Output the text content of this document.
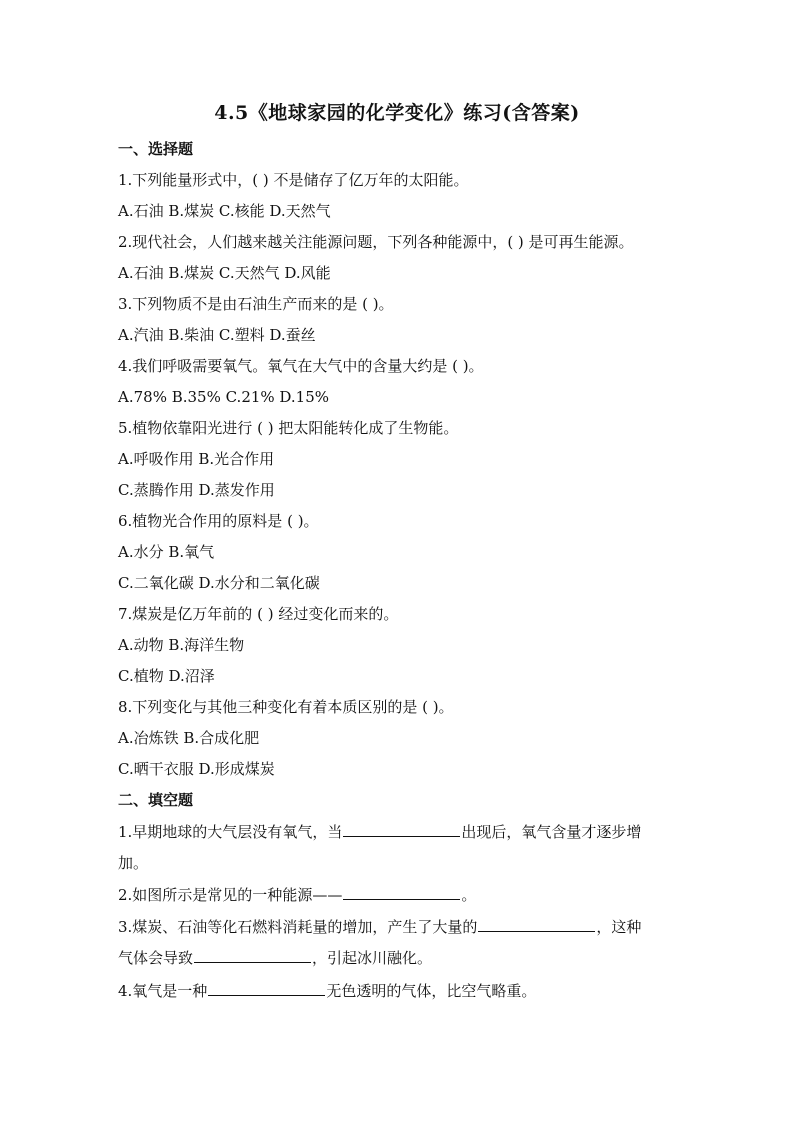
4.5《地球家园的化学变化》练习(含答案)
一、选择题
1.下列能量形式中，( ) 不是储存了亿万年的太阳能。
A.石油 B.煤炭 C.核能 D.天然气
2.现代社会，人们越来越关注能源问题，下列各种能源中，( ) 是可再生能源。
A.石油 B.煤炭 C.天然气 D.风能
3.下列物质不是由石油生产而来的是 ( )。
A.汽油 B.柴油 C.塑料 D.蚕丝
4.我们呼吸需要氧气。氧气在大气中的含量大约是 ( )。
A.78% B.35% C.21% D.15%
5.植物依靠阳光进行 ( ) 把太阳能转化成了生物能。
A.呼吸作用 B.光合作用
C.蒸腾作用 D.蒸发作用
6.植物光合作用的原料是 ( )。
A.水分 B.氧气
C.二氧化碳 D.水分和二氧化碳
7.煤炭是亿万年前的 ( ) 经过变化而来的。
A.动物 B.海洋生物
C.植物 D.沼泽
8.下列变化与其他三种变化有着本质区别的是 ( )。
A.冶炼铁 B.合成化肥
C.晒干衣服 D.形成煤炭
二、填空题
1.早期地球的大气层没有氧气，当	出现后，氧气含量才逐步增
加。
2.如图所示是常见的一种能源——	。
3.煤炭、石油等化石燃料消耗量的增加，产生了大量的	，这种
气体会导致	，引起冰川融化。
4.氧气是一种	无色透明的气体，比空气略重。
